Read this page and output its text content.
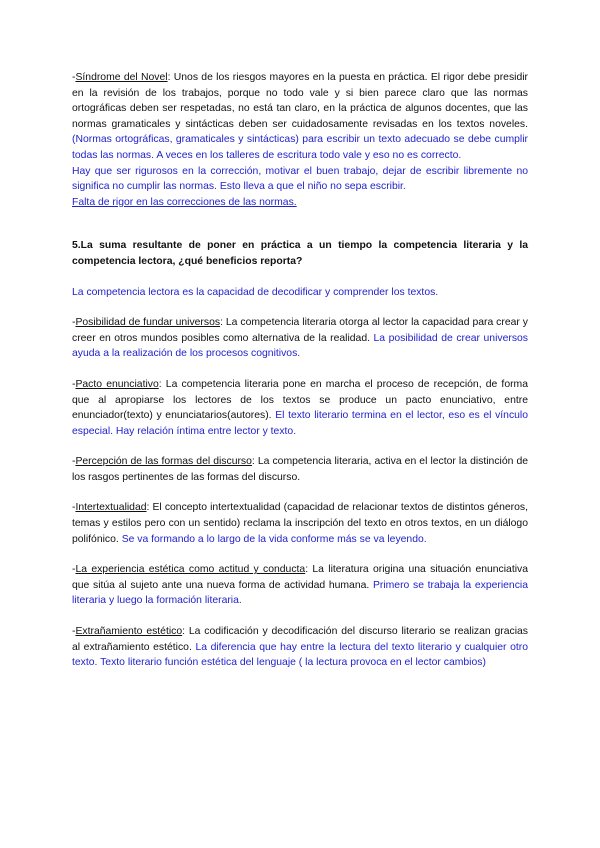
-Síndrome del Novel: Unos de los riesgos mayores en la puesta en práctica. El rigor debe presidir en la revisión de los trabajos, porque no todo vale y si bien parece claro que las normas ortográficas deben ser respetadas, no está tan claro, en la práctica de algunos docentes, que las normas gramaticales y sintácticas deben ser cuidadosamente revisadas en los textos noveles. (Normas ortográficas, gramaticales y sintácticas) para escribir un texto adecuado se debe cumplir todas las normas. A veces en los talleres de escritura todo vale y eso no es correcto.

Hay que ser rigurosos en la corrección, motivar el buen trabajo, dejar de escribir libremente no significa no cumplir las normas. Esto lleva a que el niño no sepa escribir.

Falta de rigor en las correcciones de las normas.

5.La suma resultante de poner en práctica a un tiempo la competencia literaria y la competencia lectora, ¿qué beneficios reporta?

La competencia lectora es la capacidad de decodificar y comprender los textos.

-Posibilidad de fundar universos: La competencia literaria otorga al lector la capacidad para crear y creer en otros mundos posibles como alternativa de la realidad. La posibilidad de crear universos ayuda a la realización de los procesos cognitivos.

-Pacto enunciativo: La competencia literaria pone en marcha el proceso de recepción, de forma que al apropiarse los lectores de los textos se produce un pacto enunciativo, entre enunciador(texto) y enunciatarios(autores). El texto literario termina en el lector, eso es el vínculo especial. Hay relación íntima entre lector y texto.

-Percepción de las formas del discurso: La competencia literaria, activa en el lector la distinción de los rasgos pertinentes de las formas del discurso.

-Intertextualidad: El concepto intertextualidad (capacidad de relacionar textos de distintos géneros, temas y estilos pero con un sentido) reclama la inscripción del texto en otros textos, en un diálogo polifónico. Se va formando a lo largo de la vida conforme más se va leyendo.

-La experiencia estética como actitud y conducta: La literatura origina una situación enunciativa que sitúa al sujeto ante una nueva forma de actividad humana. Primero se trabaja la experiencia literaria y luego la formación literaria.

-Extrañamiento estético: La codificación y decodificación del discurso literario se realizan gracias al extrañamiento estético. La diferencia que hay entre la lectura del texto literario y cualquier otro texto. Texto literario función estética del lenguaje ( la lectura provoca en el lector cambios)
